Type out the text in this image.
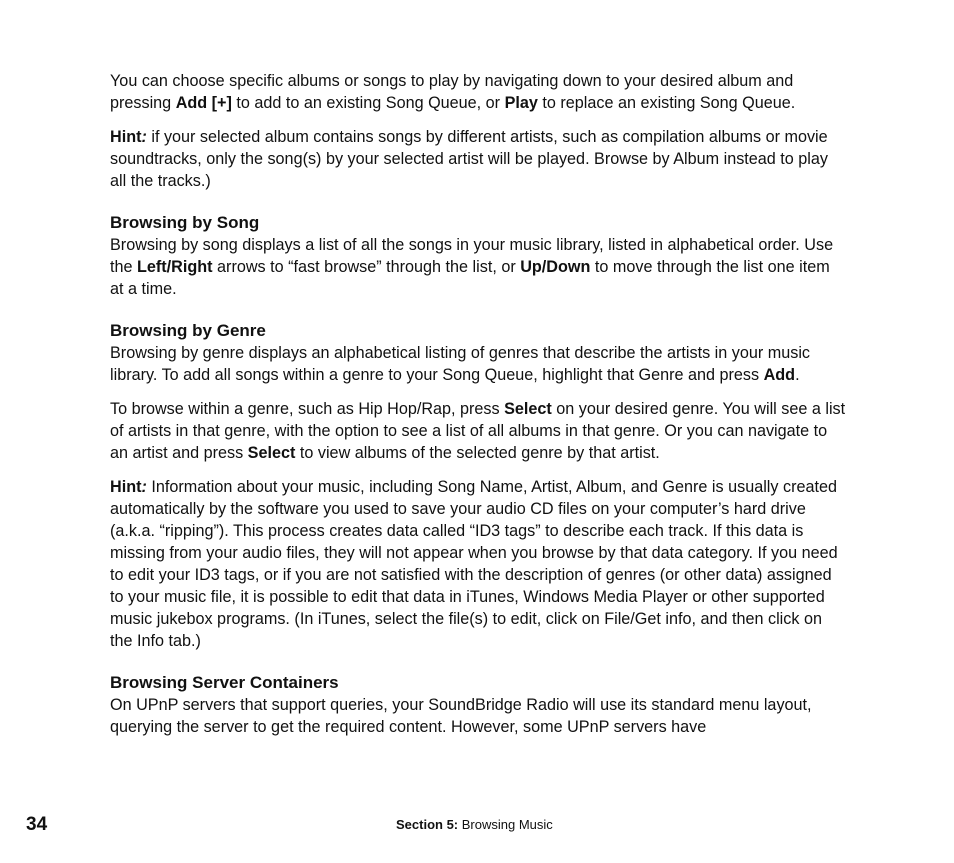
You can choose specific albums or songs to play by navigating down to your desired album and pressing Add [+] to add to an existing Song Queue, or Play to replace an existing Song Queue.

Hint: if your selected album contains songs by different artists, such as compilation albums or movie soundtracks, only the song(s) by your selected artist will be played. Browse by Album instead to play all the tracks.)

Browsing by Song

Browsing by song displays a list of all the songs in your music library, listed in alphabetical order. Use the Left/Right arrows to “fast browse” through the list, or Up/Down to move through the list one item at a time.

Browsing by Genre

Browsing by genre displays an alphabetical listing of genres that describe the artists in your music library. To add all songs within a genre to your Song Queue, highlight that Genre and press Add.

To browse within a genre, such as Hip Hop/Rap, press Select on your desired genre. You will see a list of artists in that genre, with the option to see a list of all albums in that genre. Or you can navigate to an artist and press Select to view albums of the selected genre by that artist.

Hint: Information about your music, including Song Name, Artist, Album, and Genre is usually created automatically by the software you used to save your audio CD files on your computer’s hard drive (a.k.a. “ripping”). This process creates data called “ID3 tags” to describe each track. If this data is missing from your audio files, they will not appear when you browse by that data category. If you need to edit your ID3 tags, or if you are not satisfied with the description of genres (or other data) assigned to your music file, it is possible to edit that data in iTunes, Windows Media Player or other supported music jukebox programs. (In iTunes, select the file(s) to edit, click on File/Get info, and then click on the Info tab.)

Browsing Server Containers

On UPnP servers that support queries, your SoundBridge Radio will use its standard menu layout, querying the server to get the required content. However, some UPnP servers have

34	Section 5: Browsing Music
